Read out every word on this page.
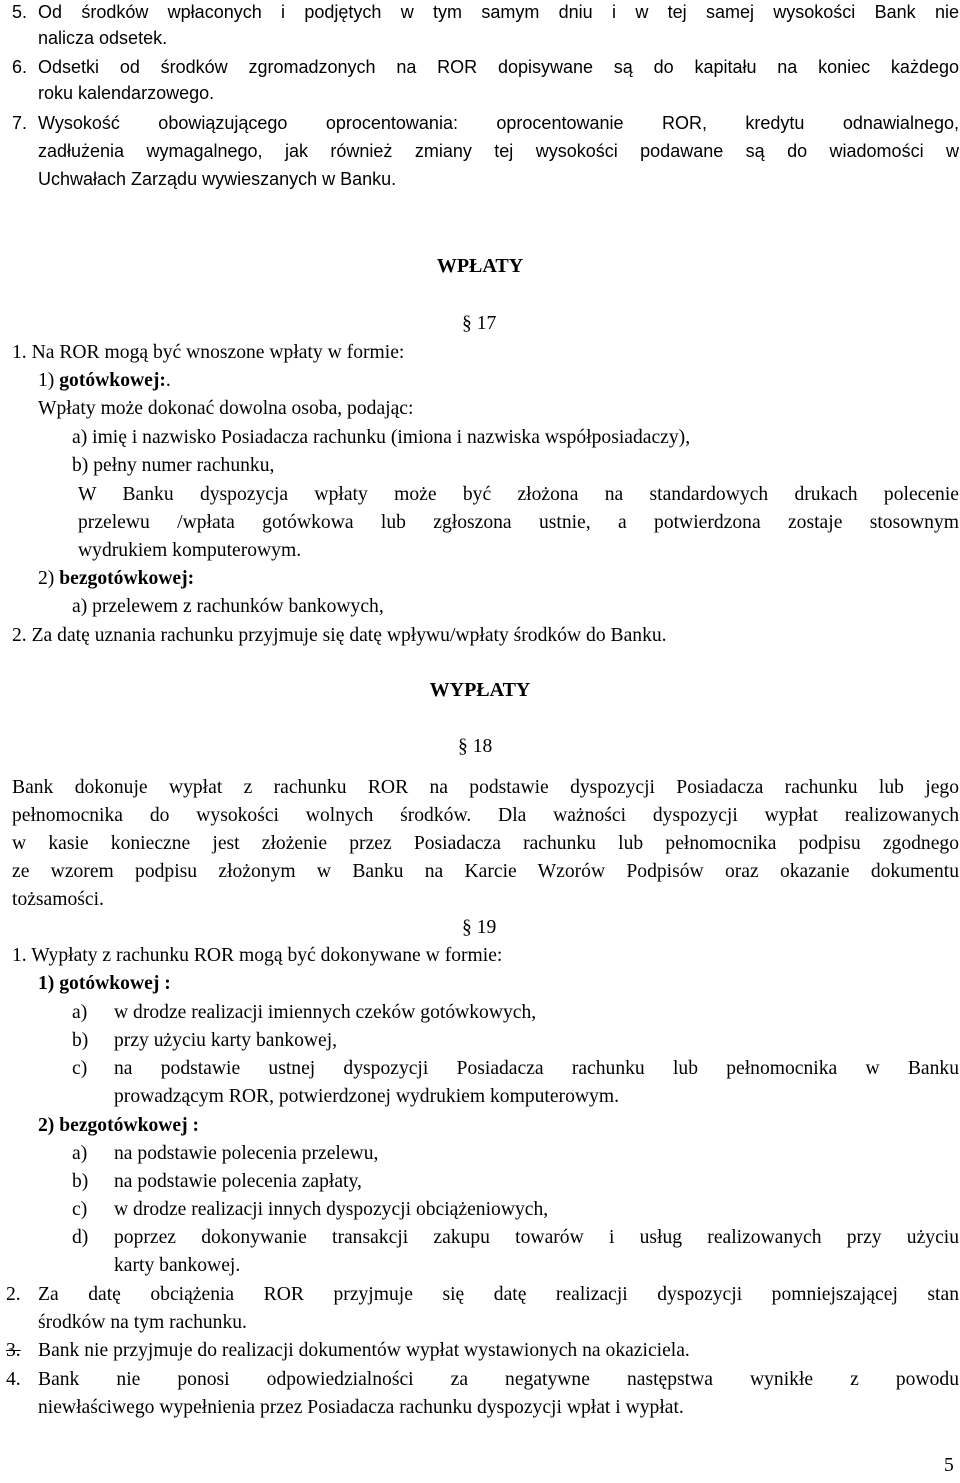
5. Od środków wpłaconych i podjętych w tym samym dniu i w tej samej wysokości Bank nie
nalicza odsetek.
6. Odsetki od środków zgromadzonych na ROR dopisywane są do kapitału na koniec każdego
roku kalendarzowego.
7. Wysokość obowiązującego oprocentowania: oprocentowanie ROR, kredytu odnawialnego,
zadłużenia wymagalnego, jak również zmiany tej wysokości podawane są do wiadomości w
Uchwałach Zarządu wywieszanych w Banku.
WPŁATY
§ 17
1. Na ROR mogą być wnoszone wpłaty w formie:
1) gotówkowej:.
Wpłaty może dokonać dowolna osoba, podając:
a) imię i nazwisko Posiadacza rachunku (imiona i nazwiska współposiadaczy),
b) pełny numer rachunku,
W Banku dyspozycja wpłaty może być złożona na standardowych drukach polecenie
przelewu /wpłata gotówkowa lub zgłoszona ustnie, a potwierdzona zostaje stosownym
wydrukiem komputerowym.
2) bezgotówkowej:
a) przelewem z rachunków bankowych,
2. Za datę uznania rachunku przyjmuje się datę wpływu/wpłaty środków do Banku.
WYPŁATY
§ 18
Bank dokonuje wypłat z rachunku ROR na podstawie dyspozycji Posiadacza rachunku lub jego
pełnomocnika do wysokości wolnych środków. Dla ważności dyspozycji wypłat realizowanych
w kasie konieczne jest złożenie przez Posiadacza rachunku lub pełnomocnika podpisu zgodnego
ze wzorem podpisu złożonym w Banku na Karcie Wzorów Podpisów oraz okazanie dokumentu
tożsamości.
§ 19
1. Wypłaty z rachunku ROR mogą być dokonywane w formie:
1) gotówkowej :
a) w drodze realizacji imiennych czeków gotówkowych,
b) przy użyciu karty bankowej,
c) na podstawie ustnej dyspozycji Posiadacza rachunku lub pełnomocnika w Banku
prowadzącym ROR, potwierdzonej wydrukiem komputerowym.
2) bezgotówkowej :
a) na podstawie polecenia przelewu,
b) na podstawie polecenia zapłaty,
c) w drodze realizacji innych dyspozycji obciążeniowych,
d) poprzez dokonywanie transakcji zakupu towarów i usług realizowanych przy użyciu
karty bankowej.
2. Za datę obciążenia ROR przyjmuje się datę realizacji dyspozycji pomniejszającej stan
środków na tym rachunku.
3. Bank nie przyjmuje do realizacji dokumentów wypłat wystawionych na okaziciela.
4. Bank nie ponosi odpowiedzialności za negatywne następstwa wynikłe z powodu
niewłaściwego wypełnienia przez Posiadacza rachunku dyspozycji wpłat i wypłat.
5
